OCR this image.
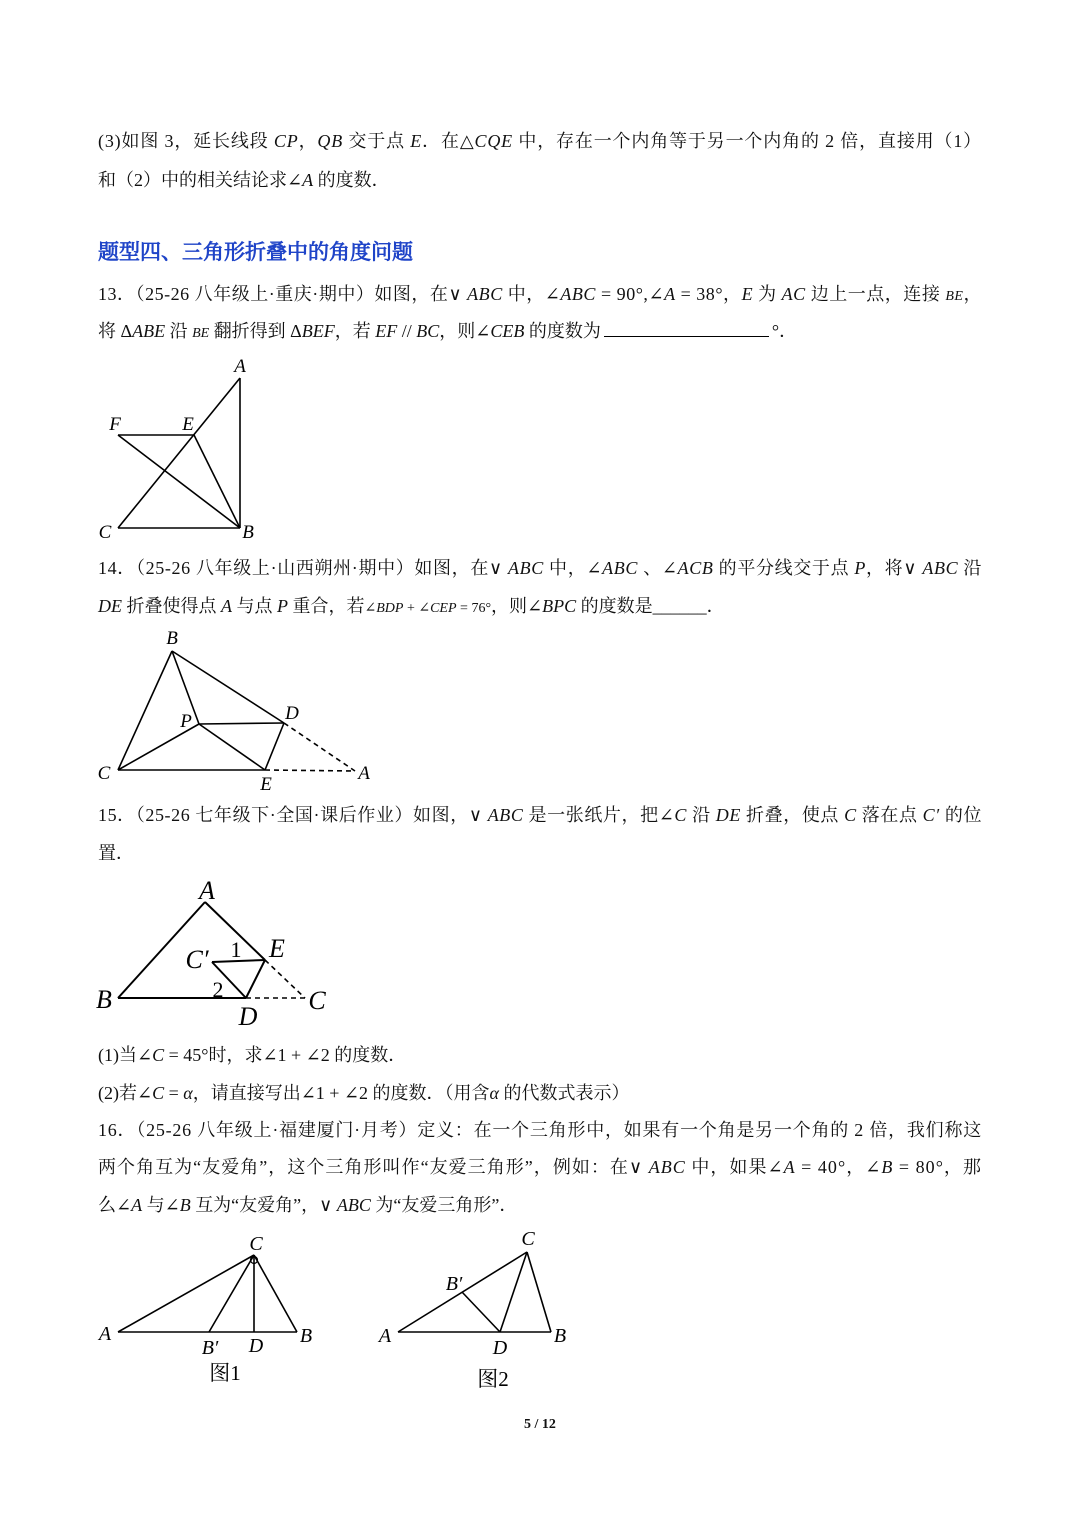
(3)如图 3，延长线段 CP，QB 交于点 E．在△CQE 中，存在一个内角等于另一个内角的 2 倍，直接用（1）
和（2）中的相关结论求∠A 的度数．
题型四、三角形折叠中的角度问题
13．（25-26 八年级上·重庆·期中）如图，在∨ ABC 中，∠ABC = 90°,∠A = 38°，E 为 AC 边上一点，连接 BE，
将 ΔABE 沿 BE 翻折得到 ΔBEF，若 EF // BC，则∠CEB 的度数为	°．
A
F	E
C	B
14．（25-26 八年级上·山西朔州·期中）如图，在∨ ABC 中，∠ABC 、∠ACB 的平分线交于点 P，将∨ ABC 沿
DE 折叠使得点 A 与点 P 重合，若∠BDP + ∠CEP = 76°，则∠BPC 的度数是______．
B
C
P	D
E
A
15．（25-26 七年级下·全国·课后作业）如图，∨ ABC 是一张纸片，把∠C 沿 DE 折叠，使点 C 落在点 C′ 的位
置．
A
B	C
C′ E
D
1
2
(1)当∠C = 45°时，求∠1 + ∠2 的度数．
(2)若∠C = α，请直接写出∠1 + ∠2 的度数．（用含α 的代数式表示）
16．（25-26 八年级上·福建厦门·月考）定义：在一个三角形中，如果有一个角是另一个角的 2 倍，我们称这
两个角互为“友爱角”，这个三角形叫作“友爱三角形”，例如：在∨ ABC 中，如果∠A = 40°，∠B = 80°，那
么∠A 与∠B 互为“友爱角”，∨ ABC 为“友爱三角形”．
C
A
B′ D B
图1
C
B′
A
D
B
图2
5 / 12
